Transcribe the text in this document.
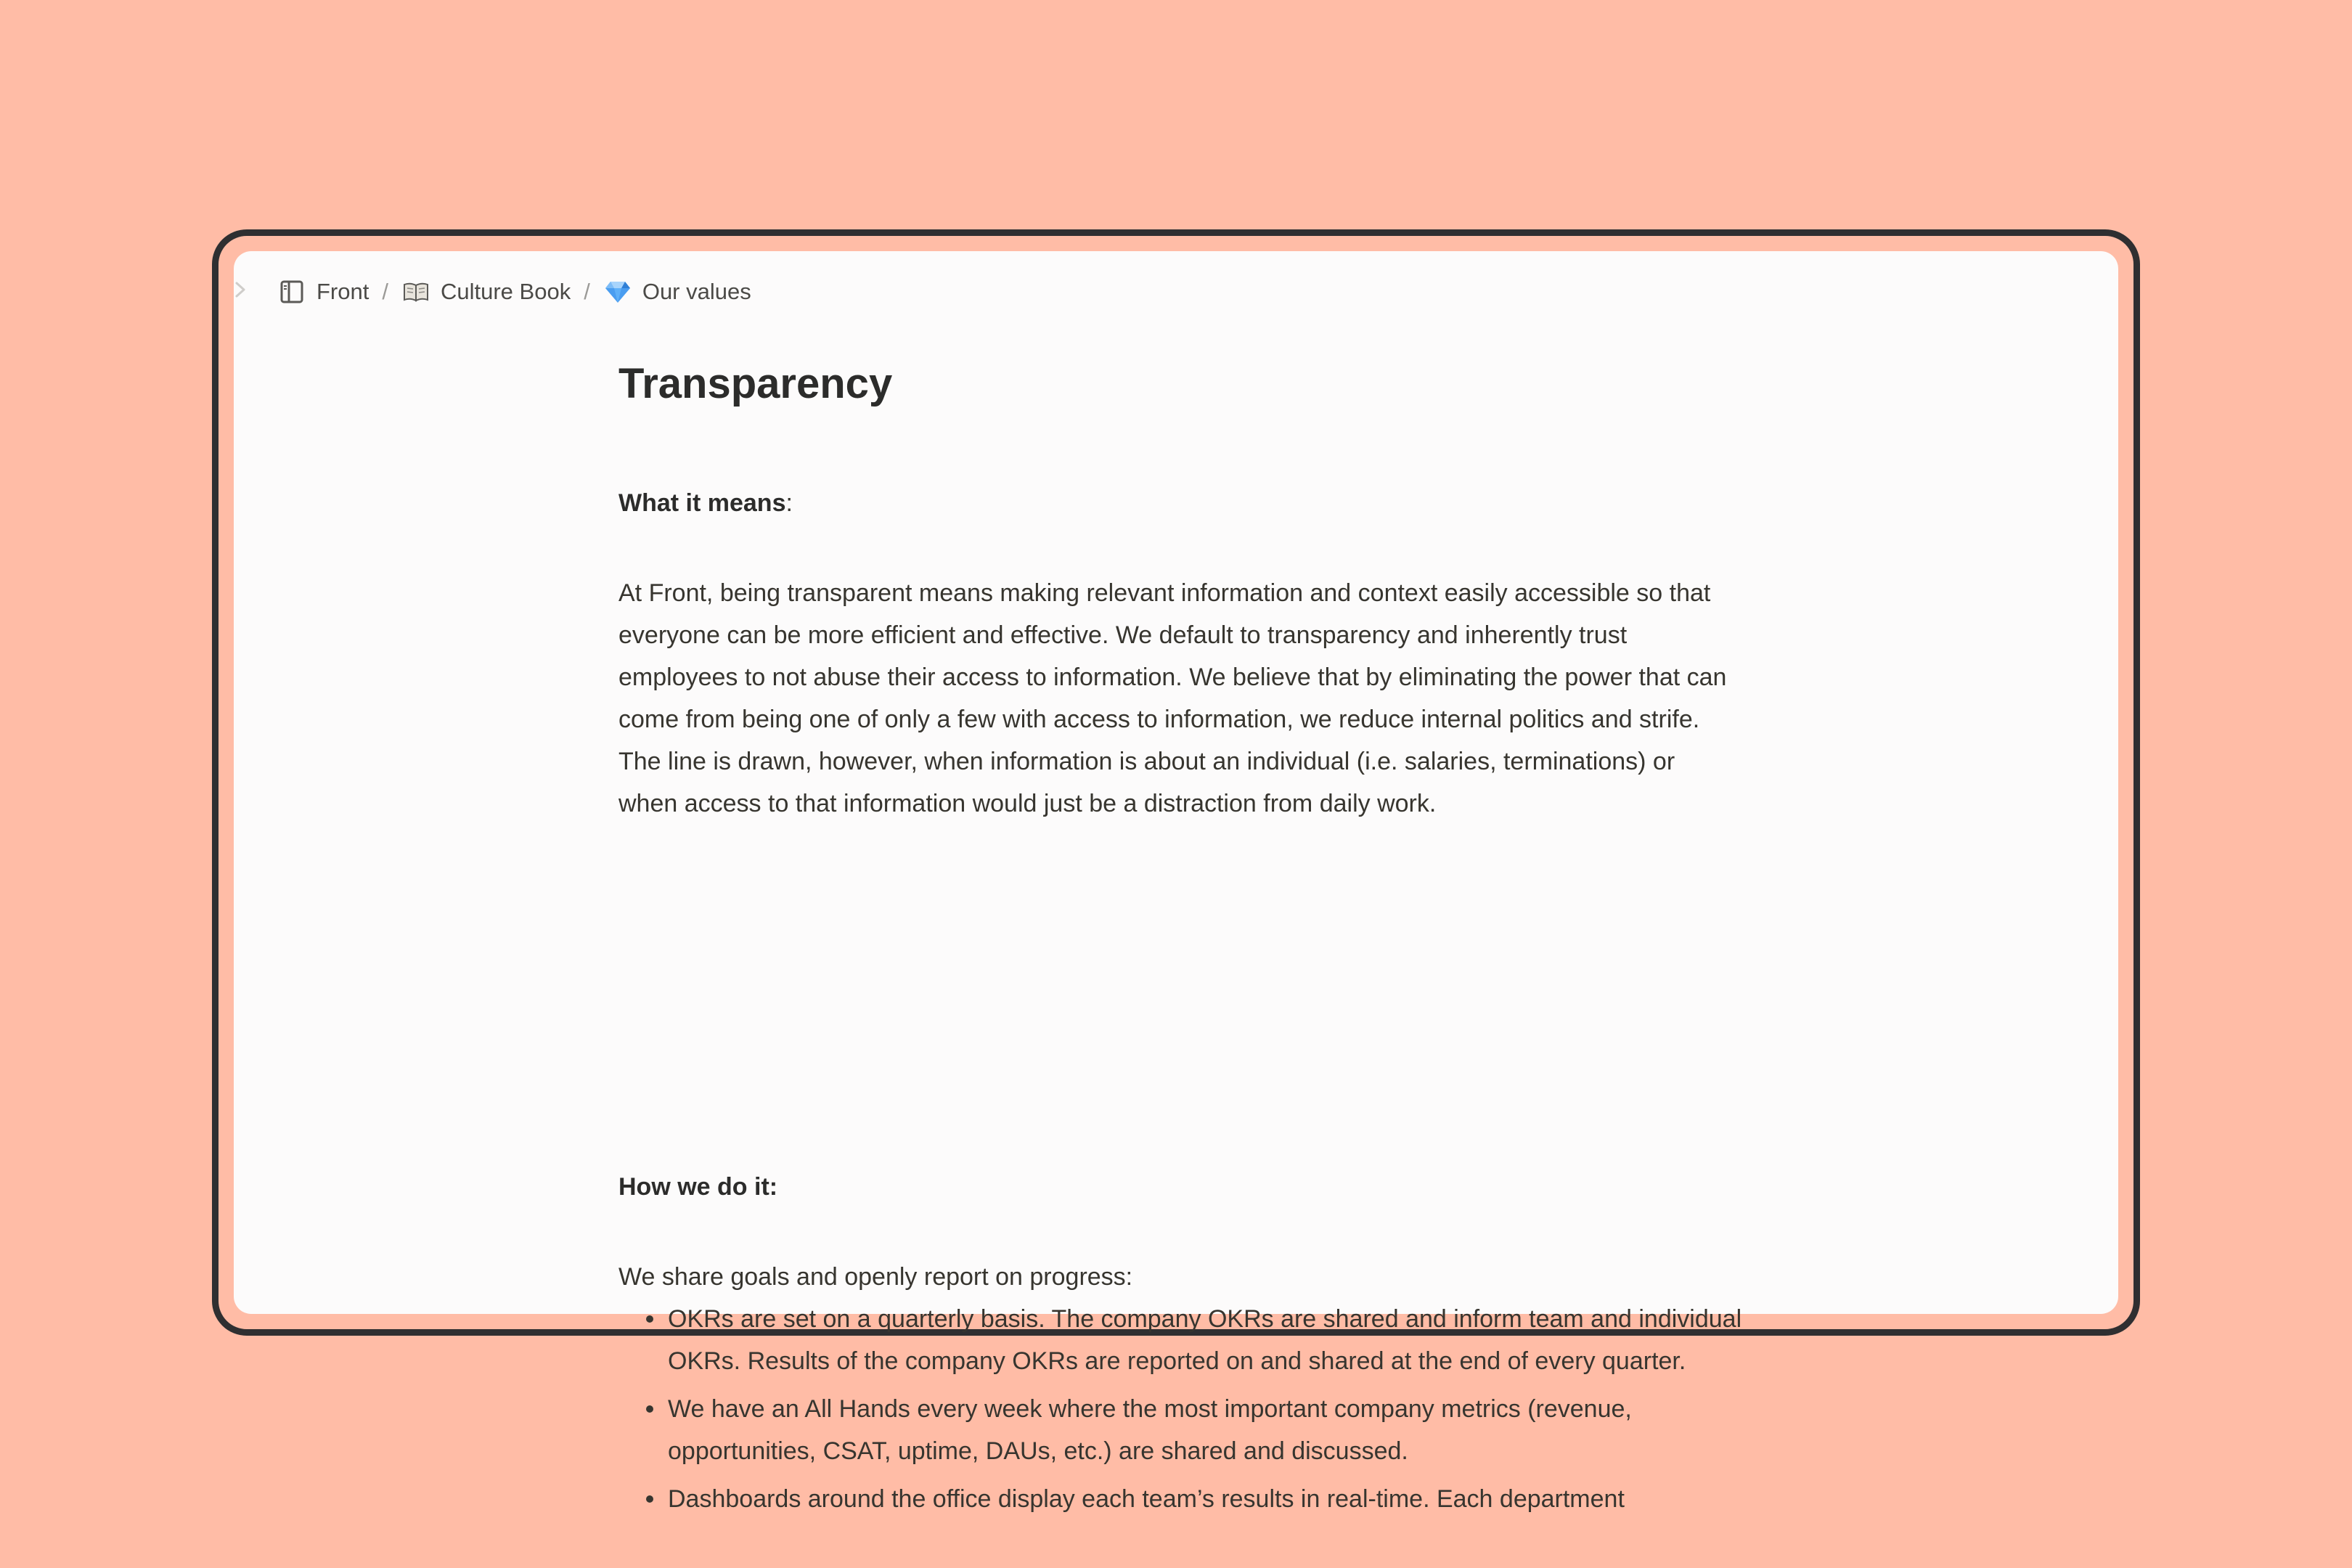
Front / Culture Book / Our values
Transparency

What it means:

At Front, being transparent means making relevant information and context easily accessible so that everyone can be more efficient and effective. We default to transparency and inherently trust employees to not abuse their access to information. We believe that by eliminating the power that can come from being one of only a few with access to information, we reduce internal politics and strife. The line is drawn, however, when information is about an individual (i.e. salaries, terminations) or when access to that information would just be a distraction from daily work.

How we do it:

We share goals and openly report on progress:

OKRs are set on a quarterly basis. The company OKRs are shared and inform team and individual OKRs. Results of the company OKRs are reported on and shared at the end of every quarter.
We have an All Hands every week where the most important company metrics (revenue, opportunities, CSAT, uptime, DAUs, etc.) are shared and discussed.
Dashboards around the office display each team’s results in real-time. Each department
